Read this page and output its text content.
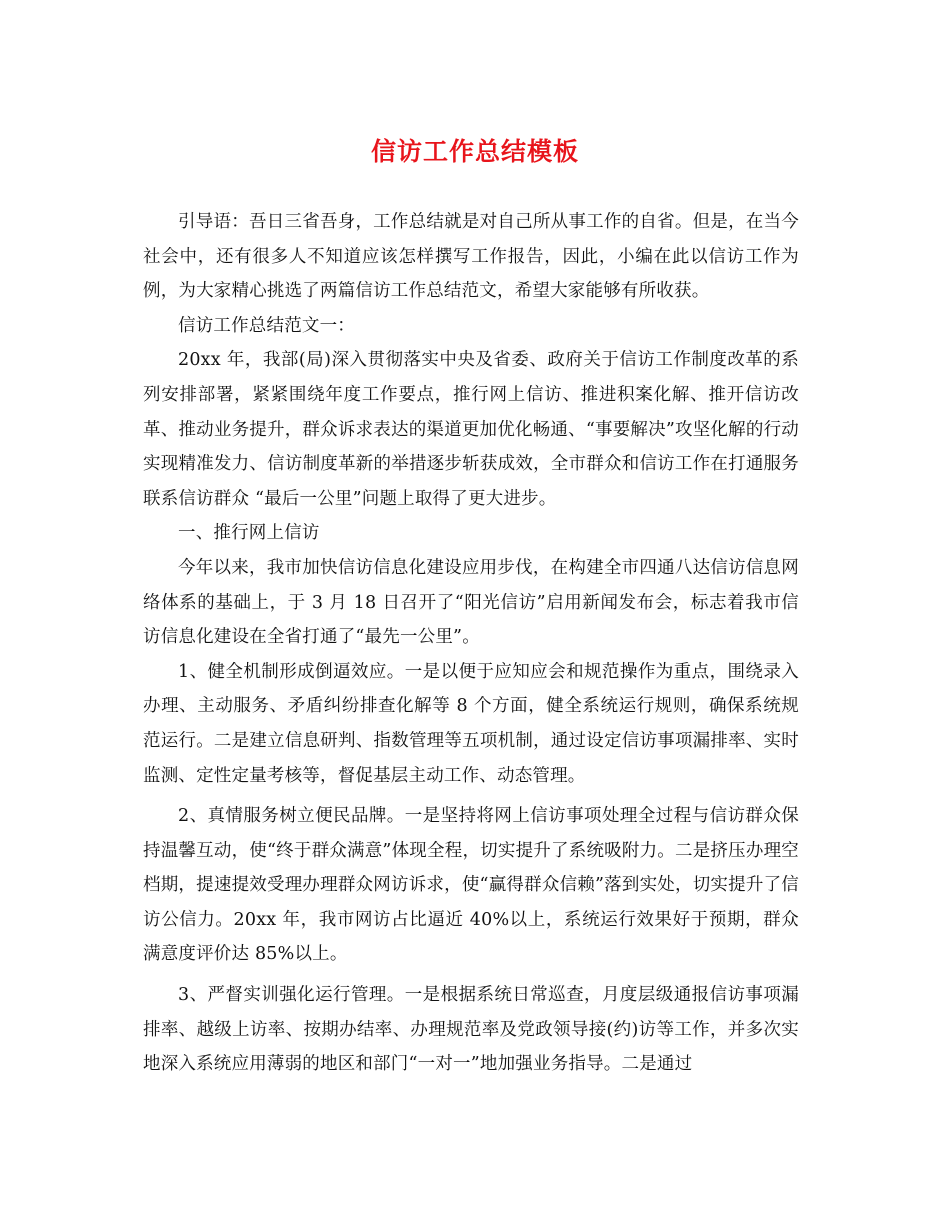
信访工作总结模板

引导语：吾日三省吾身，工作总结就是对自己所从事工作的自省。但是，在当今社会中，还有很多人不知道应该怎样撰写工作报告，因此，小编在此以信访工作为例，为大家精心挑选了两篇信访工作总结范文，希望大家能够有所收获。

信访工作总结范文一：

20xx 年，我部(局)深入贯彻落实中央及省委、政府关于信访工作制度改革的系列安排部署，紧紧围绕年度工作要点，推行网上信访、推进积案化解、推开信访改革、推动业务提升，群众诉求表达的渠道更加优化畅通、“事要解决”攻坚化解的行动实现精准发力、信访制度革新的举措逐步斩获成效，全市群众和信访工作在打通服务联系信访群众 “最后一公里”问题上取得了更大进步。

一、推行网上信访

今年以来，我市加快信访信息化建设应用步伐，在构建全市四通八达信访信息网络体系的基础上，于 3 月 18 日召开了“阳光信访”启用新闻发布会，标志着我市信访信息化建设在全省打通了“最先一公里”。

1、健全机制形成倒逼效应。一是以便于应知应会和规范操作为重点，围绕录入办理、主动服务、矛盾纠纷排查化解等 8 个方面，健全系统运行规则，确保系统规范运行。二是建立信息研判、指数管理等五项机制，通过设定信访事项漏排率、实时监测、定性定量考核等，督促基层主动工作、动态管理。

2、真情服务树立便民品牌。一是坚持将网上信访事项处理全过程与信访群众保持温馨互动，使“终于群众满意”体现全程，切实提升了系统吸附力。二是挤压办理空档期，提速提效受理办理群众网访诉求，使“赢得群众信赖”落到实处，切实提升了信访公信力。20xx 年，我市网访占比逼近 40%以上，系统运行效果好于预期，群众满意度评价达 85%以上。

3、严督实训强化运行管理。一是根据系统日常巡查，月度层级通报信访事项漏排率、越级上访率、按期办结率、办理规范率及党政领导接(约)访等工作，并多次实地深入系统应用薄弱的地区和部门“一对一”地加强业务指导。二是通过
